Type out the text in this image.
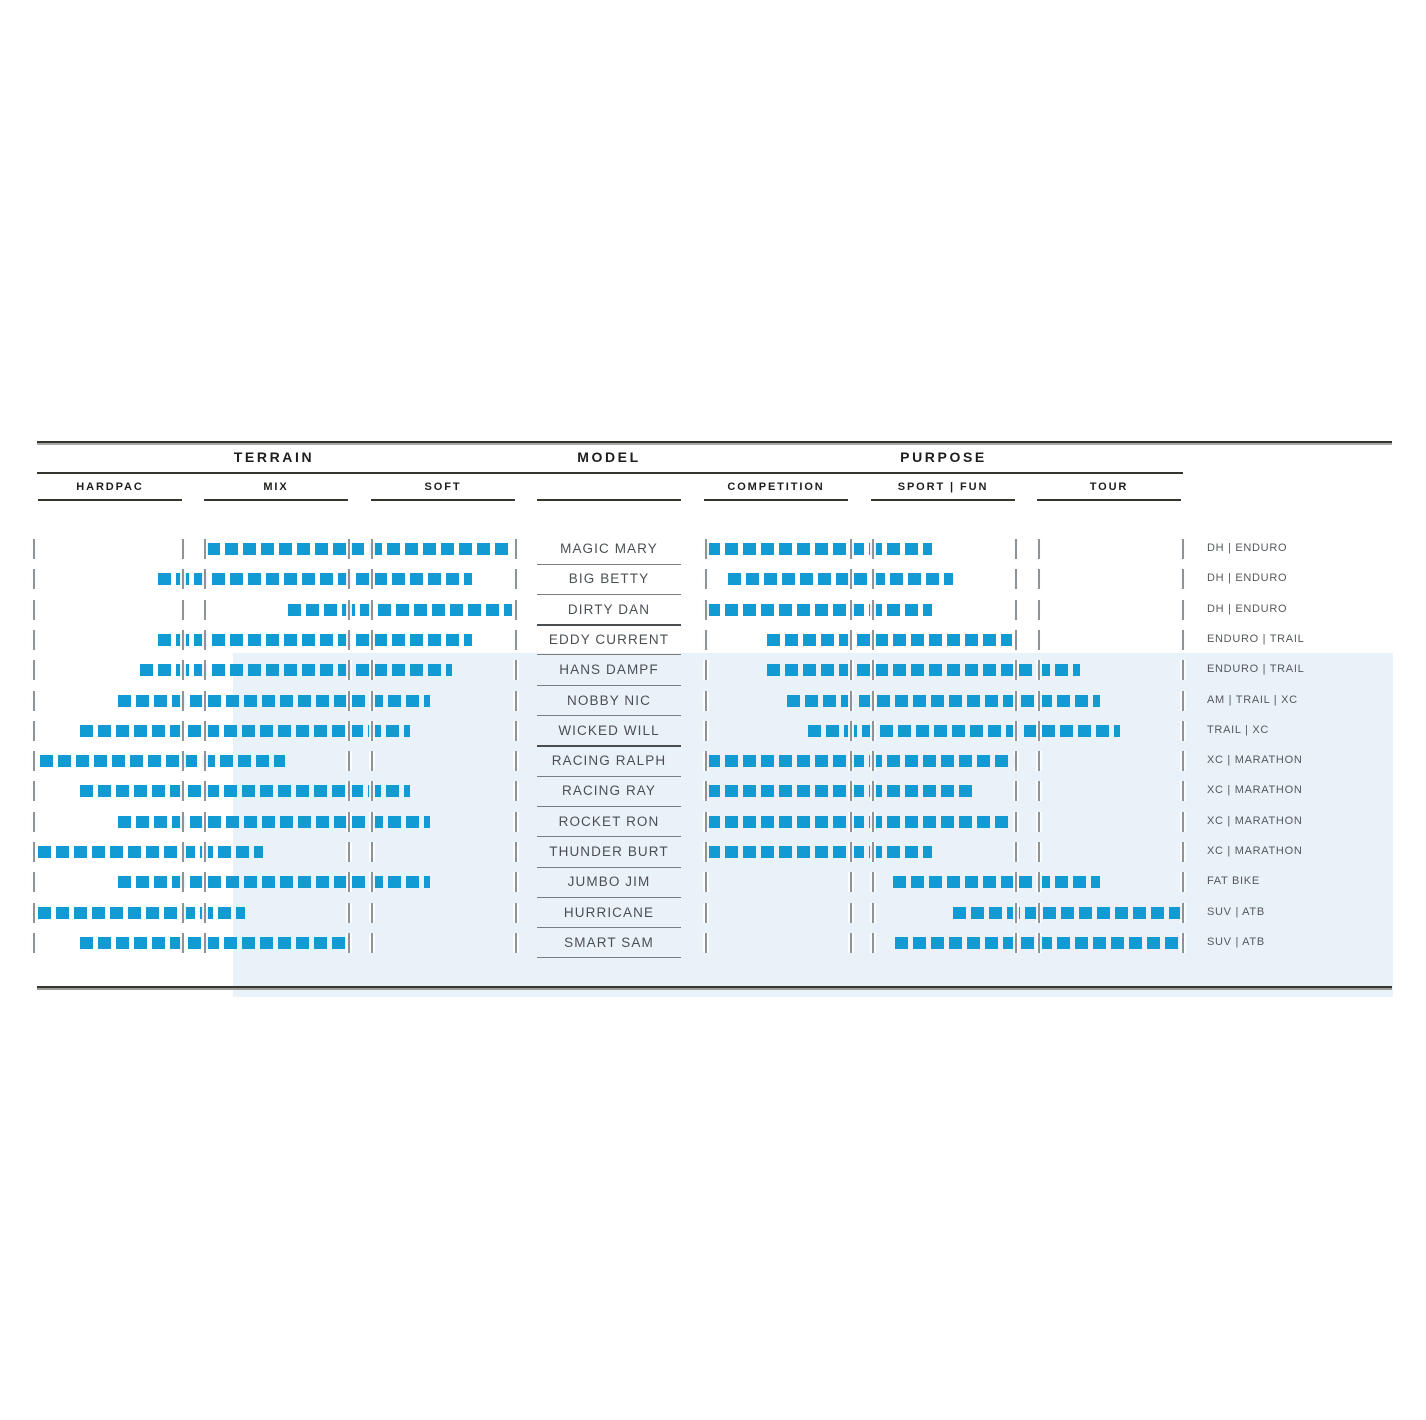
TERRAIN	MODEL	PURPOSE
HARDPAC	MIX	SOFT	COMPETITION	SPORT | FUN	TOUR
MAGIC MARY	DH | ENDURO
BIG BETTY	DH | ENDURO
DIRTY DAN	DH | ENDURO
EDDY CURRENT	ENDURO | TRAIL
HANS DAMPF	ENDURO | TRAIL
NOBBY NIC	AM | TRAIL | XC
WICKED WILL	TRAIL | XC
RACING RALPH	XC | MARATHON
RACING RAY	XC | MARATHON
ROCKET RON	XC | MARATHON
THUNDER BURT	XC | MARATHON
JUMBO JIM	FAT BIKE
HURRICANE	SUV | ATB
SMART SAM	SUV | ATB
